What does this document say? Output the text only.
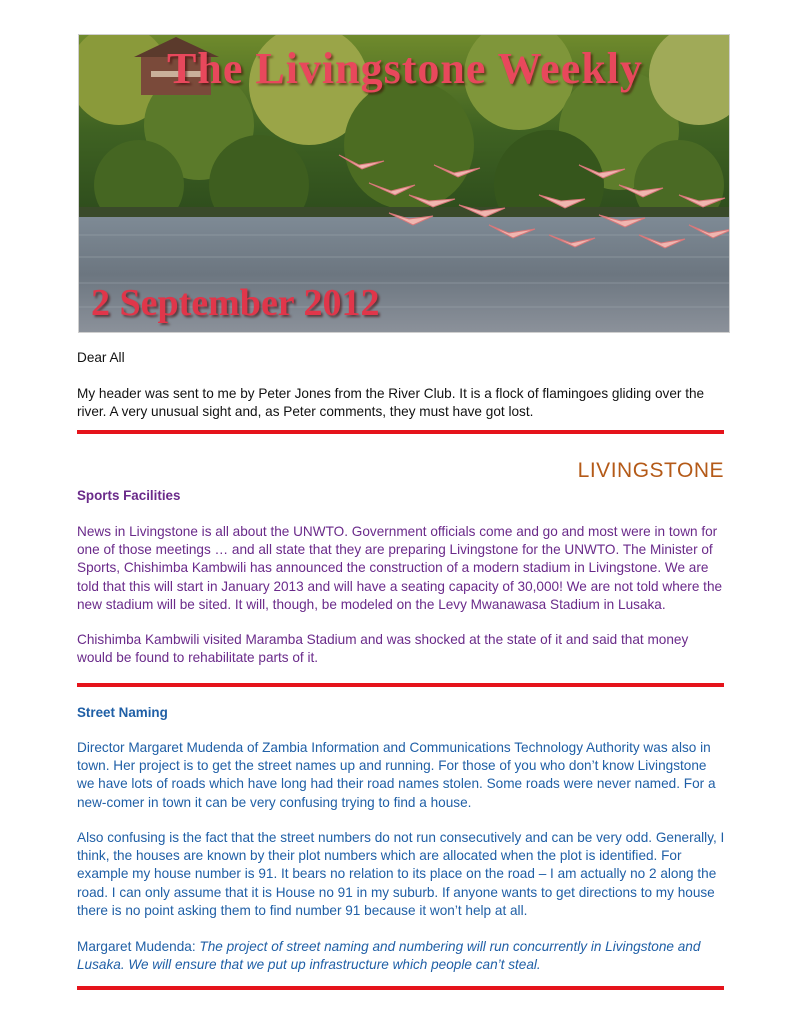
The Livingstone Weekly
2 September 2012
Dear All
My header was sent to me by Peter Jones from the River Club. It is a flock of flamingoes gliding over the river. A very unusual sight and, as Peter comments, they must have got lost.
LIVINGSTONE
Sports Facilities
News in Livingstone is all about the UNWTO. Government officials come and go and most were in town for one of those meetings … and all state that they are preparing Livingstone for the UNWTO. The Minister of Sports, Chishimba Kambwili has announced the construction of a modern stadium in Livingstone. We are told that this will start in January 2013 and will have a seating capacity of 30,000! We are not told where the new stadium will be sited. It will, though, be modeled on the Levy Mwanawasa Stadium in Lusaka.
Chishimba Kambwili visited Maramba Stadium and was shocked at the state of it and said that money would be found to rehabilitate parts of it.
Street Naming
Director Margaret Mudenda of Zambia Information and Communications Technology Authority was also in town. Her project is to get the street names up and running. For those of you who don’t know Livingstone we have lots of roads which have long had their road names stolen. Some roads were never named. For a new-comer in town it can be very confusing trying to find a house.
Also confusing is the fact that the street numbers do not run consecutively and can be very odd. Generally, I think, the houses are known by their plot numbers which are allocated when the plot is identified. For example my house number is 91. It bears no relation to its place on the road – I am actually no 2 along the road. I can only assume that it is House no 91 in my suburb. If anyone wants to get directions to my house there is no point asking them to find number 91 because it won’t help at all.
Margaret Mudenda: The project of street naming and numbering will run concurrently in Livingstone and Lusaka. We will ensure that we put up infrastructure which people can’t steal.
